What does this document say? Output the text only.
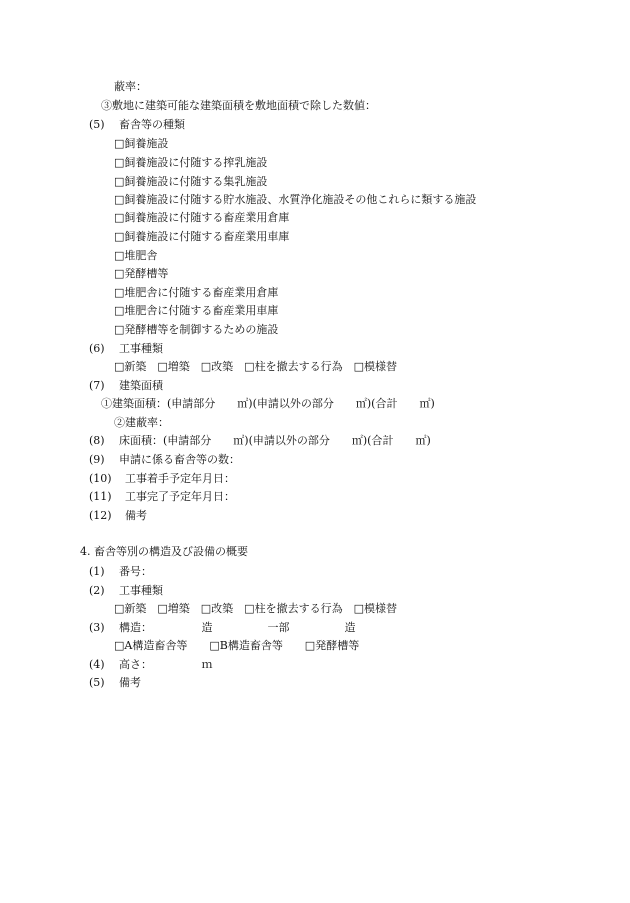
蔽率：
③敷地に建築可能な建築面積を敷地面積で除した数値：
(5) 畜舎等の種類
□飼養施設
□飼養施設に付随する搾乳施設
□飼養施設に付随する集乳施設
□飼養施設に付随する貯水施設、水質浄化施設その他これらに類する施設
□飼養施設に付随する畜産業用倉庫
□飼養施設に付随する畜産業用車庫
□堆肥舎
□発酵槽等
□堆肥舎に付随する畜産業用倉庫
□堆肥舎に付随する畜産業用車庫
□発酵槽等を制御するための施設
(6) 工事種類
□新築　□増築　□改築　□柱を撤去する行為　□模様替
(7) 建築面積
①建築面積：(申請部分　　㎡)(申請以外の部分　　㎡)(合計　　㎡)
②建蔽率：
(8) 床面積：(申請部分　　㎡)(申請以外の部分　　㎡)(合計　　㎡)
(9) 申請に係る畜舎等の数：
(10) 工事着手予定年月日：
(11) 工事完了予定年月日：
(12) 備考
4. 畜舎等別の構造及び設備の概要
(1) 番号：
(2) 工事種類
□新築　□増築　□改築　□柱を撤去する行為　□模様替
(3) 構造：　　　　　造　　　　　一部　　　　　造
□A構造畜舎等　　□B構造畜舎等　　□発酵槽等
(4) 高さ：　　　　　ｍ
(5) 備考
